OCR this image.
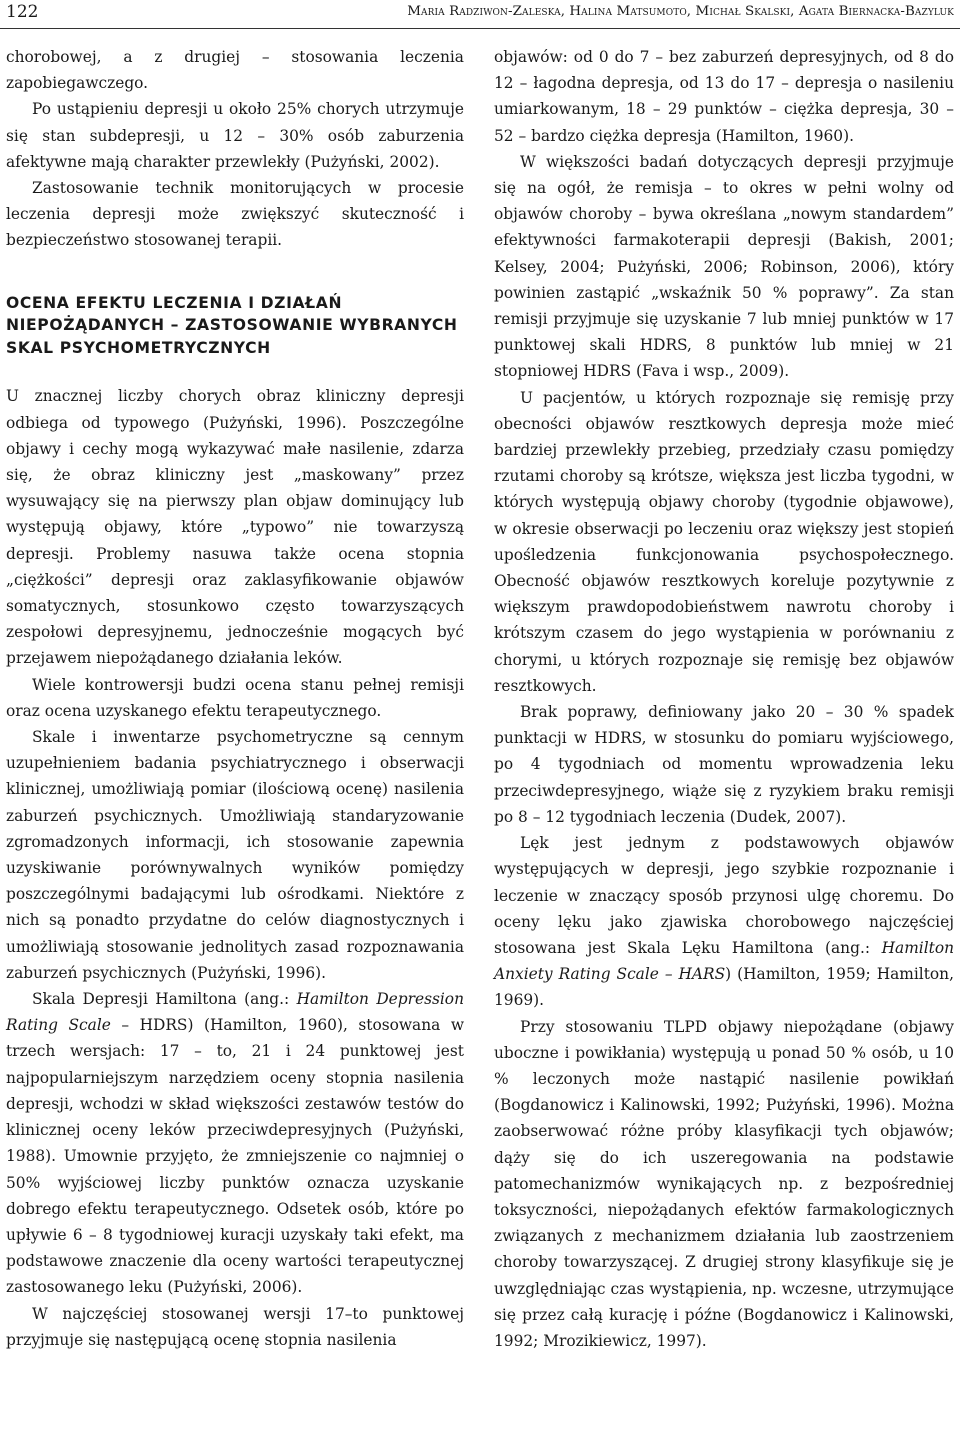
122	Maria Radziwon-Zaleska, Halina Matsumoto, Michał Skalski, Agata Biernacka-Bazyluk

chorobowej, a z drugiej – stosowania leczenia zapobiegawczego.

Po ustąpieniu depresji u około 25% chorych utrzymuje się stan subdepresji, u 12 – 30% osób zaburzenia afektywne mają charakter przewlekły (Pużyński, 2002).

Zastosowanie technik monitorujących w procesie leczenia depresji może zwiększyć skuteczność i bezpieczeństwo stosowanej terapii.

OCENA EFEKTU LECZENIA I DZIAŁAŃ NIEPOŻĄDANYCH – ZASTOSOWANIE WYBRANYCH SKAL PSYCHOMETRYCZNYCH

U znacznej liczby chorych obraz kliniczny depresji odbiega od typowego (Pużyński, 1996). Poszczególne objawy i cechy mogą wykazywać małe nasilenie, zdarza się, że obraz kliniczny jest „maskowany” przez wysuwający się na pierwszy plan objaw dominujący lub występują objawy, które „typowo” nie towarzyszą depresji. Problemy nasuwa także ocena stopnia „ciężkości” depresji oraz zaklasyfikowanie objawów somatycznych, stosunkowo często towarzyszących zespołowi depresyjnemu, jednocześnie mogących być przejawem niepożądanego działania leków.

Wiele kontrowersji budzi ocena stanu pełnej remisji oraz ocena uzyskanego efektu terapeutycznego.

Skale i inwentarze psychometryczne są cennym uzupełnieniem badania psychiatrycznego i obserwacji klinicznej, umożliwiają pomiar (ilościową ocenę) nasilenia zaburzeń psychicznych. Umożliwiają standaryzowanie zgromadzonych informacji, ich stosowanie zapewnia uzyskiwanie porównywalnych wyników pomiędzy poszczególnymi badającymi lub ośrodkami. Niektóre z nich są ponadto przydatne do celów diagnostycznych i umożliwiają stosowanie jednolitych zasad rozpoznawania zaburzeń psychicznych (Pużyński, 1996).

Skala Depresji Hamiltona (ang.: Hamilton Depression Rating Scale – HDRS) (Hamilton, 1960), stosowana w trzech wersjach: 17 – to, 21 i 24 punktowej jest najpopularniejszym narzędziem oceny stopnia nasilenia depresji, wchodzi w skład większości zestawów testów do klinicznej oceny leków przeciwdepresyjnych (Pużyński, 1988). Umownie przyjęto, że zmniejszenie co najmniej o 50% wyjściowej liczby punktów oznacza uzyskanie dobrego efektu terapeutycznego. Odsetek osób, które po upływie 6 – 8 tygodniowej kuracji uzyskały taki efekt, ma podstawowe znaczenie dla oceny wartości terapeutycznej zastosowanego leku (Pużyński, 2006).

W najczęściej stosowanej wersji 17–to punktowej przyjmuje się następującą ocenę stopnia nasilenia

objawów: od 0 do 7 – bez zaburzeń depresyjnych, od 8 do 12 – łagodna depresja, od 13 do 17 – depresja o nasileniu umiarkowanym, 18 – 29 punktów – ciężka depresja, 30 – 52 – bardzo ciężka depresja (Hamilton, 1960).

W większości badań dotyczących depresji przyjmuje się na ogół, że remisja – to okres w pełni wolny od objawów choroby – bywa określana „nowym standardem” efektywności farmakoterapii depresji (Bakish, 2001; Kelsey, 2004; Pużyński, 2006; Robinson, 2006), który powinien zastąpić „wskaźnik 50 % poprawy”. Za stan remisji przyjmuje się uzyskanie 7 lub mniej punktów w 17 punktowej skali HDRS, 8 punktów lub mniej w 21 stopniowej HDRS (Fava i wsp., 2009).

U pacjentów, u których rozpoznaje się remisję przy obecności objawów resztkowych depresja może mieć bardziej przewlekły przebieg, przedziały czasu pomiędzy rzutami choroby są krótsze, większa jest liczba tygodni, w których występują objawy choroby (tygodnie objawowe), w okresie obserwacji po leczeniu oraz większy jest stopień upośledzenia funkcjonowania psychospołecznego. Obecność objawów resztkowych koreluje pozytywnie z większym prawdopodobieństwem nawrotu choroby i krótszym czasem do jego wystąpienia w porównaniu z chorymi, u których rozpoznaje się remisję bez objawów resztkowych.

Brak poprawy, definiowany jako 20 – 30 % spadek punktacji w HDRS, w stosunku do pomiaru wyjściowego, po 4 tygodniach od momentu wprowadzenia leku przeciwdepresyjnego, wiąże się z ryzykiem braku remisji po 8 – 12 tygodniach leczenia (Dudek, 2007).

Lęk jest jednym z podstawowych objawów występujących w depresji, jego szybkie rozpoznanie i leczenie w znaczący sposób przynosi ulgę choremu. Do oceny lęku jako zjawiska chorobowego najczęściej stosowana jest Skala Lęku Hamiltona (ang.: Hamilton Anxiety Rating Scale – HARS) (Hamilton, 1959; Hamilton, 1969).

Przy stosowaniu TLPD objawy niepożądane (objawy uboczne i powikłania) występują u ponad 50 % osób, u 10 % leczonych może nastąpić nasilenie powikłań (Bogdanowicz i Kalinowski, 1992; Pużyński, 1996). Można zaobserwować różne próby klasyfikacji tych objawów; dąży się do ich uszeregowania na podstawie patomechanizmów wynikających np. z bezpośredniej toksyczności, niepożądanych efektów farmakologicznych związanych z mechanizmem działania lub zaostrzeniem choroby towarzyszącej. Z drugiej strony klasyfikuje się je uwzględniając czas wystąpienia, np. wczesne, utrzymujące się przez całą kurację i późne (Bogdanowicz i Kalinowski, 1992; Mrozikiewicz, 1997).
